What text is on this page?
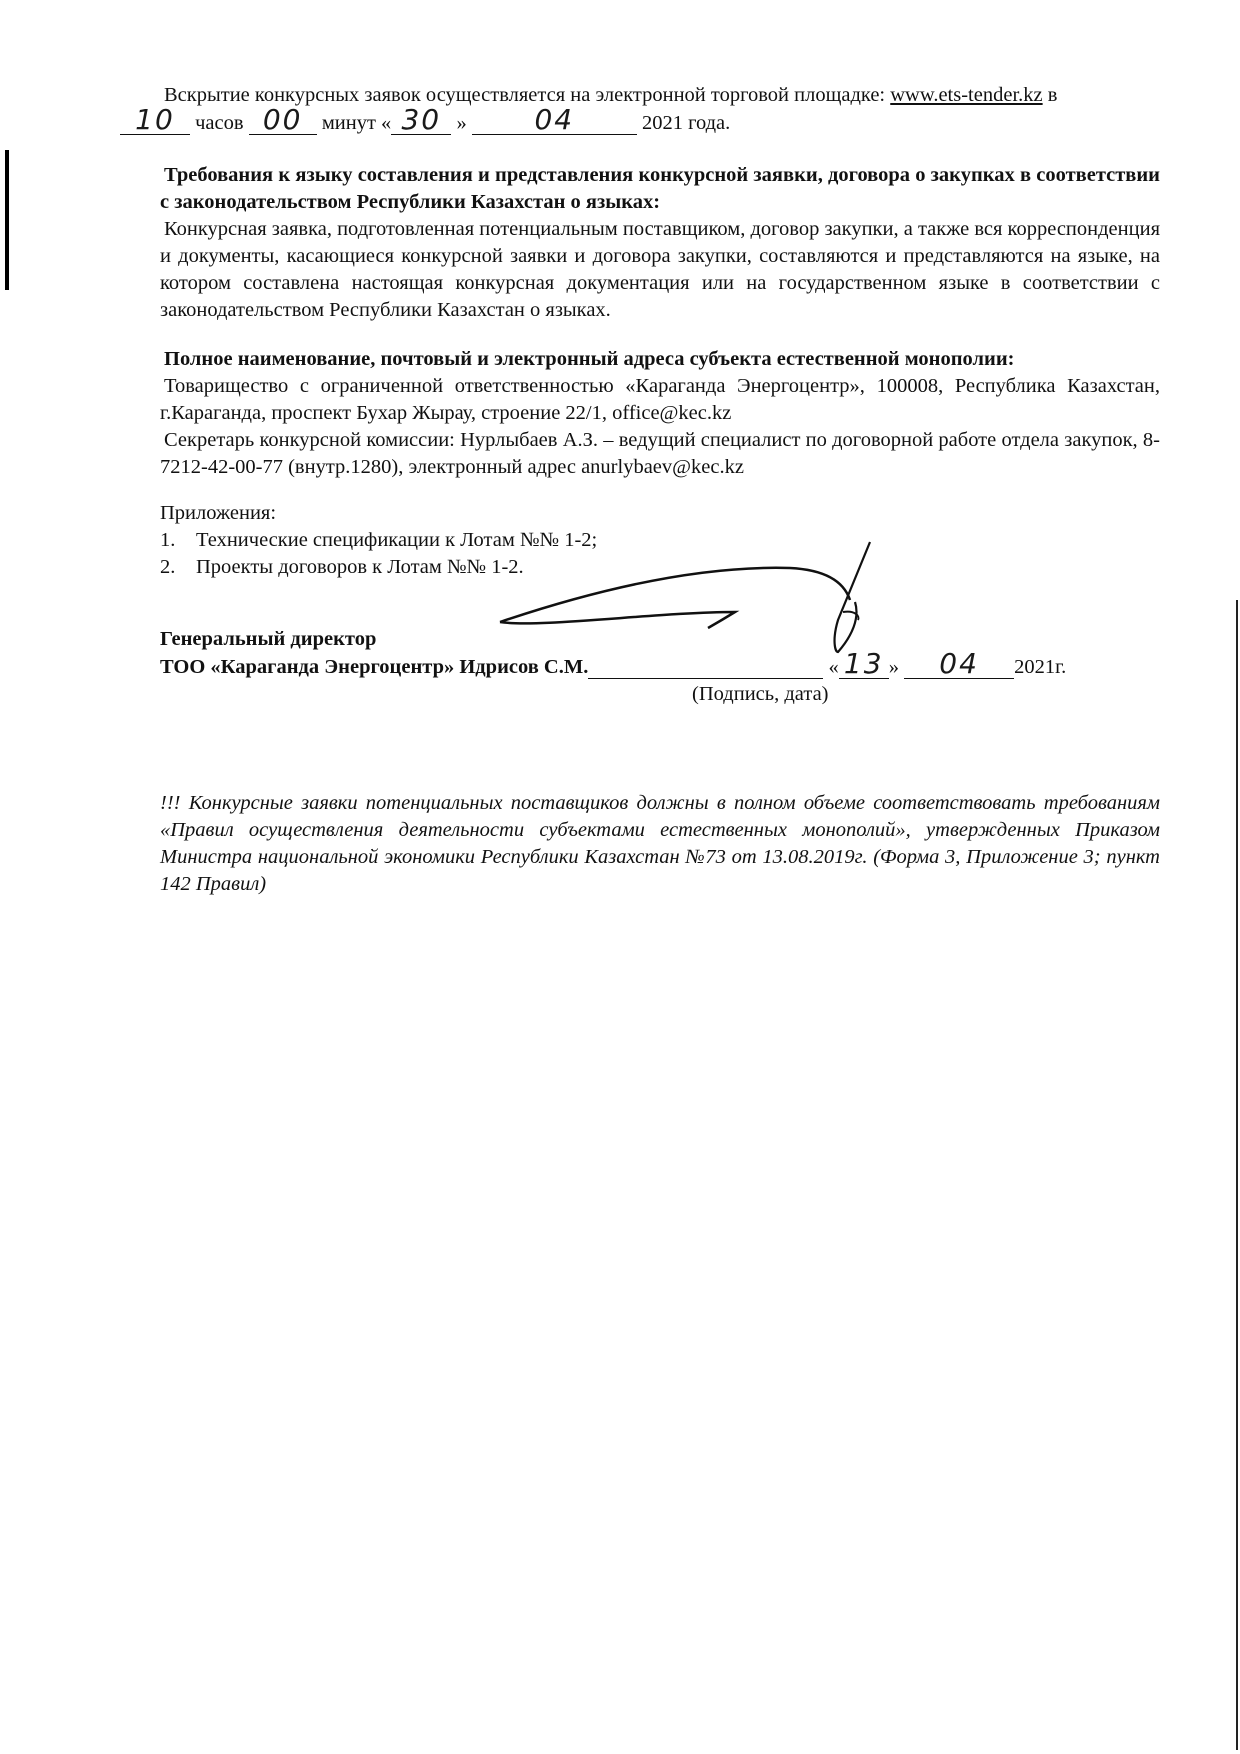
Вскрытие конкурсных заявок осуществляется на электронной торговой площадке: www.ets-tender.kz в

10 часов 00 минут « 30 » 04	2021 года.

Требования к языку составления и представления конкурсной заявки, договора о закупках в соответствии с законодательством Республики Казахстан о языках:

Конкурсная заявка, подготовленная потенциальным поставщиком, договор закупки, а также вся корреспонденция и документы, касающиеся конкурсной заявки и договора закупки, составляются и представляются на языке, на котором составлена настоящая конкурсная документация или на государственном языке в соответствии с законодательством Республики Казахстан о языках.

Полное наименование, почтовый и электронный адреса субъекта естественной монополии:

Товарищество с ограниченной ответственностью «Караганда Энергоцентр», 100008, Республика Казахстан, г.Караганда, проспект Бухар Жырау, строение 22/1, office@kec.kz

Секретарь конкурсной комиссии: Нурлыбаев А.З. – ведущий специалист по договорной работе отдела закупок, 8-7212-42-00-77 (внутр.1280), электронный адрес anurlybaev@kec.kz

Приложения:

1. Технические спецификации к Лотам №№ 1-2;

2. Проекты договоров к Лотам №№ 1-2.

Генеральный директор

ТОО «Караганда Энергоцентр» Идрисов С.М.	« 13 » 04 2021г.

(Подпись, дата)

!!! Конкурсные заявки потенциальных поставщиков должны в полном объеме соответствовать требованиям «Правил осуществления деятельности субъектами естественных монополий», утвержденных Приказом Министра национальной экономики Республики Казахстан №73 от 13.08.2019г. (Форма 3, Приложение 3; пункт 142 Правил)
